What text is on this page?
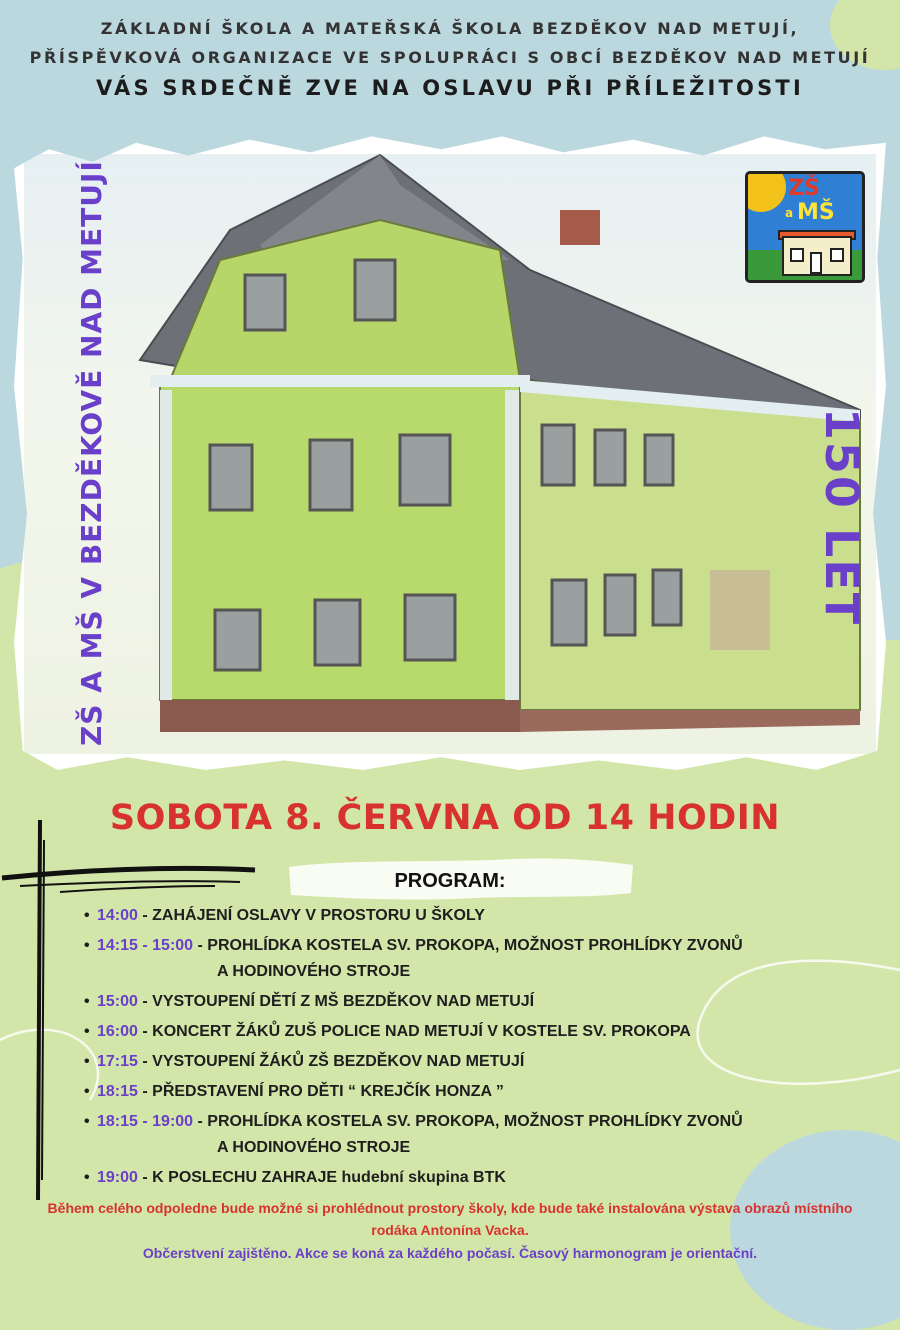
ZÁKLADNÍ ŠKOLA A MATEŘSKÁ ŠKOLA BEZDĚKOV NAD METUJÍ,
PŘÍSPĚVKOVÁ ORGANIZACE VE SPOLUPRÁCI S OBCÍ BEZDĚKOV NAD METUJÍ
VÁS SRDEČNĚ ZVE NA OSLAVU PŘI PŘÍLEŽITOSTI
ZŠ
a MŠ
ZŠ A MŠ V BEZDĚKOVĚ NAD METUJÍ	150 LET
SOBOTA 8. ČERVNA OD 14 HODIN
PROGRAM:
• 14:00 - ZAHÁJENÍ OSLAVY V PROSTORU U ŠKOLY
• 14:15 - 15:00 - PROHLÍDKA KOSTELA SV. PROKOPA, MOŽNOST PROHLÍDKY ZVONŮ
A HODINOVÉHO STROJE
• 15:00 - VYSTOUPENÍ DĚTÍ Z MŠ BEZDĚKOV NAD METUJÍ
• 16:00 - KONCERT ŽÁKŮ ZUŠ POLICE NAD METUJÍ V KOSTELE SV. PROKOPA
• 17:15 - VYSTOUPENÍ ŽÁKŮ ZŠ BEZDĚKOV NAD METUJÍ
• 18:15 - PŘEDSTAVENÍ PRO DĚTI “ KREJČÍK HONZA ”
• 18:15 - 19:00 - PROHLÍDKA KOSTELA SV. PROKOPA, MOŽNOST PROHLÍDKY ZVONŮ
A HODINOVÉHO STROJE
• 19:00 - K POSLECHU ZAHRAJE hudební skupina BTK
Během celého odpoledne bude možné si prohlédnout prostory školy, kde bude také instalována výstava obrazů místního
rodáka Antonína Vacka.
Občerstvení zajištěno. Akce se koná za každého počasí. Časový harmonogram je orientační.
